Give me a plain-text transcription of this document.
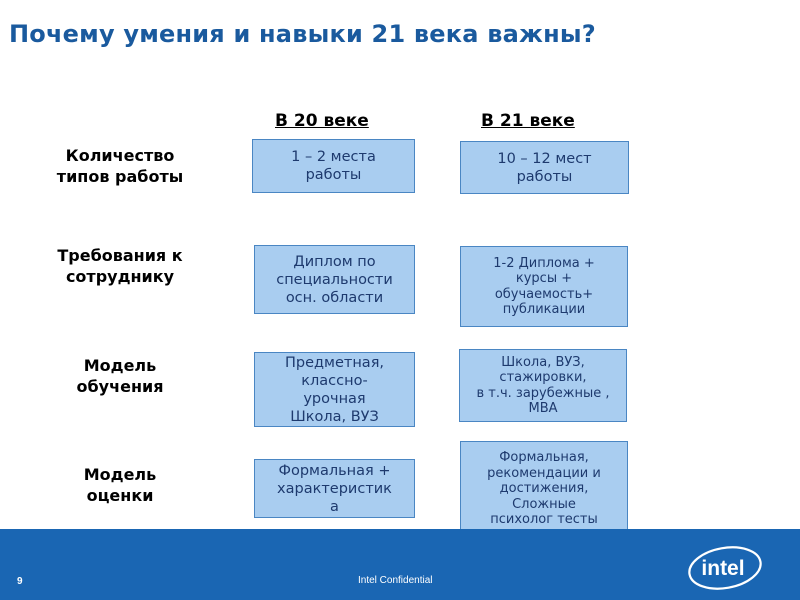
Почему умения и навыки 21 века важны?
В 20 веке	В 21 веке
Количество
типов работы
1 – 2 места
работы
10 – 12 мест
работы
Требования к
сотруднику
Диплом по
специальности
осн. области
1-2 Диплома +
курсы +
обучаемость+
публикации
Модель
обучения
Предметная,
классно-
урочная
Школа, ВУЗ
Школа, ВУЗ,
стажировки,
в т.ч. зарубежные ,
МВА
Модель
оценки
Формальная +
характеристик
а
Формальная,
рекомендации и
достижения,
Сложные
психолог тесты
9	Intel Confidential
intel
